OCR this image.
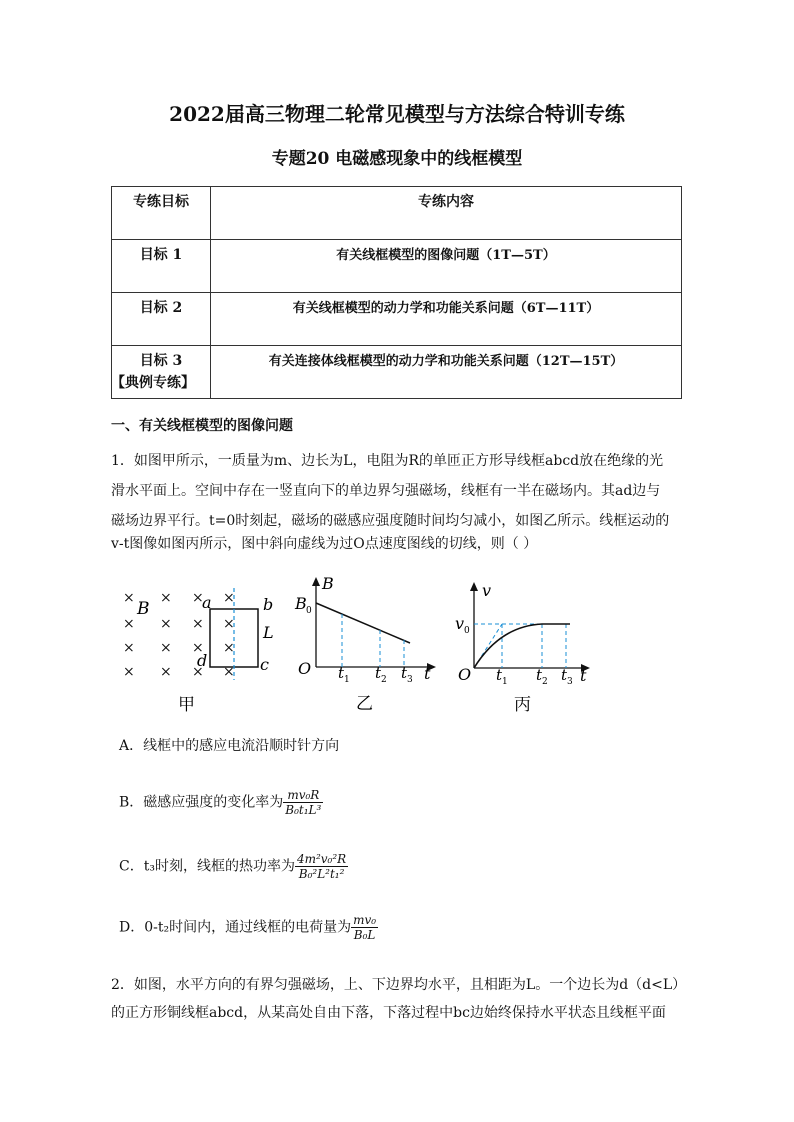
2022届高三物理二轮常见模型与方法综合特训专练
专题20 电磁感现象中的线框模型
专练目标	专练内容
目标 1	有关线框模型的图像问题（1T—5T）
目标 2	有关线框模型的动力学和功能关系问题（6T—11T）
目标 3	有关连接体线框模型的动力学和功能关系问题（12T—15T）
【典例专练】
一、有关线框模型的图像问题
1．如图甲所示，一质量为m、边长为L，电阻为R的单匝正方形导线框abcd放在绝缘的光
滑水平面上。空间中存在一竖直向下的单边界匀强磁场，线框有一半在磁场内。其ad边与
磁场边界平行。t=0时刻起，磁场的磁感应强度随时间均匀减小，如图乙所示。线框运动的
v-t图像如图丙所示，图中斜向虚线为过O点速度图线的切线，则（ ）
× × × ×
× × × ×
× × × ×
× × × ×
B	a	b
L
d	c
甲
B
B 0
O t 1 t 2 t 3 t
乙
v
v 0
O t 1 t 2 t 3 t
丙
A．线框中的感应电流沿顺时针方向
B．磁感应强度的变化率为 $\frac{\text{mv₀R}}{\text{B₀t₁L³}}$
C．t₃时刻，线框的热功率为 $\frac{\text{4m²v₀²R}}{\text{B₀²L²t₁²}}$
D．0-t₂时间内，通过线框的电荷量为 $\frac{\text{mv₀}}{\text{B₀L}}$
2．如图，水平方向的有界匀强磁场，上、下边界均水平，且相距为L。一个边长为d（d<L）
的正方形铜线框abcd，从某高处自由下落，下落过程中bc边始终保持水平状态且线框平面
